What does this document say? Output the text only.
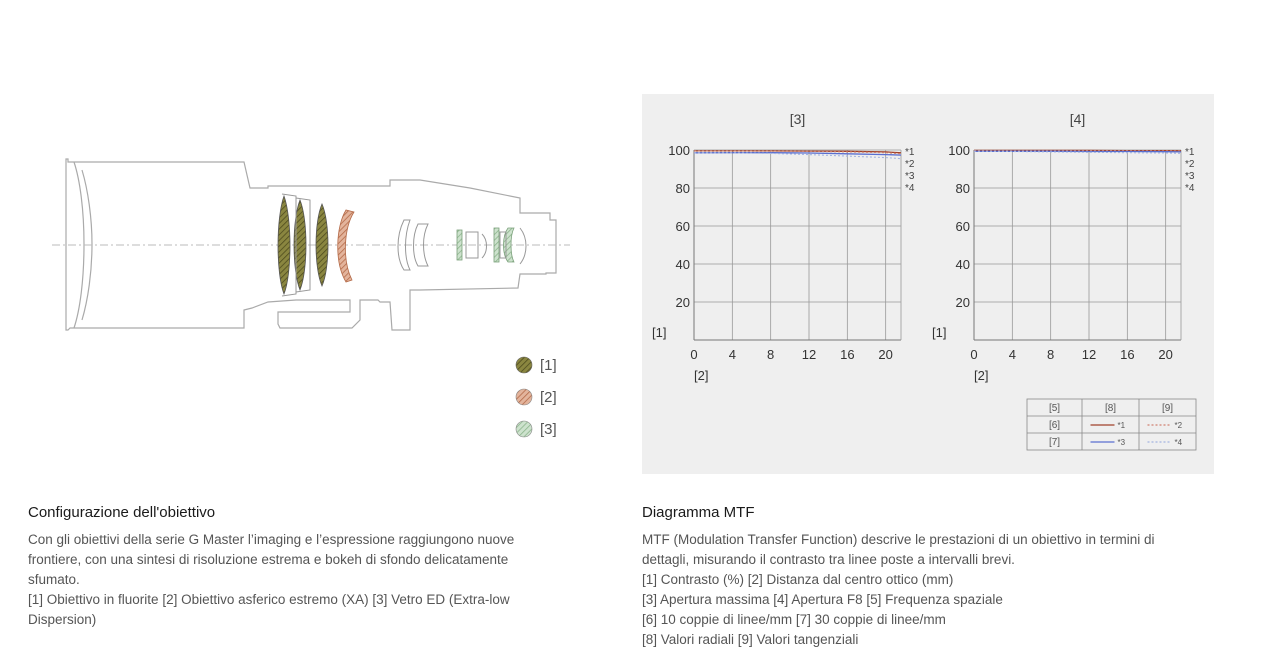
[1]
[2]
[3]
[3]
0 4 8 12 16 20
20
40
60
80
100
[1]
[2]
*1
*2
*3
*4
[4]
0 4 8 12 16 20
20
40
60
80
100
[1]
[2]
*1
*2
*3
*4
[5]	[8]	[9]
[6]	*1	*2
[7]	*3	*4
Configurazione dell'obiettivo

Con gli obiettivi della serie G Master l’imaging e l’espressione raggiungono nuove frontiere, con una sintesi di risoluzione estrema e bokeh di sfondo delicatamente sfumato.

[1] Obiettivo in fluorite [2] Obiettivo asferico estremo (XA) [3] Vetro ED (Extra-low Dispersion)

Diagramma MTF

MTF (Modulation Transfer Function) descrive le prestazioni di un obiettivo in termini di dettagli, misurando il contrasto tra linee poste a intervalli brevi.

[1] Contrasto (%) [2] Distanza dal centro ottico (mm)

[3] Apertura massima [4] Apertura F8 [5] Frequenza spaziale

[6] 10 coppie di linee/mm [7] 30 coppie di linee/mm

[8] Valori radiali [9] Valori tangenziali
